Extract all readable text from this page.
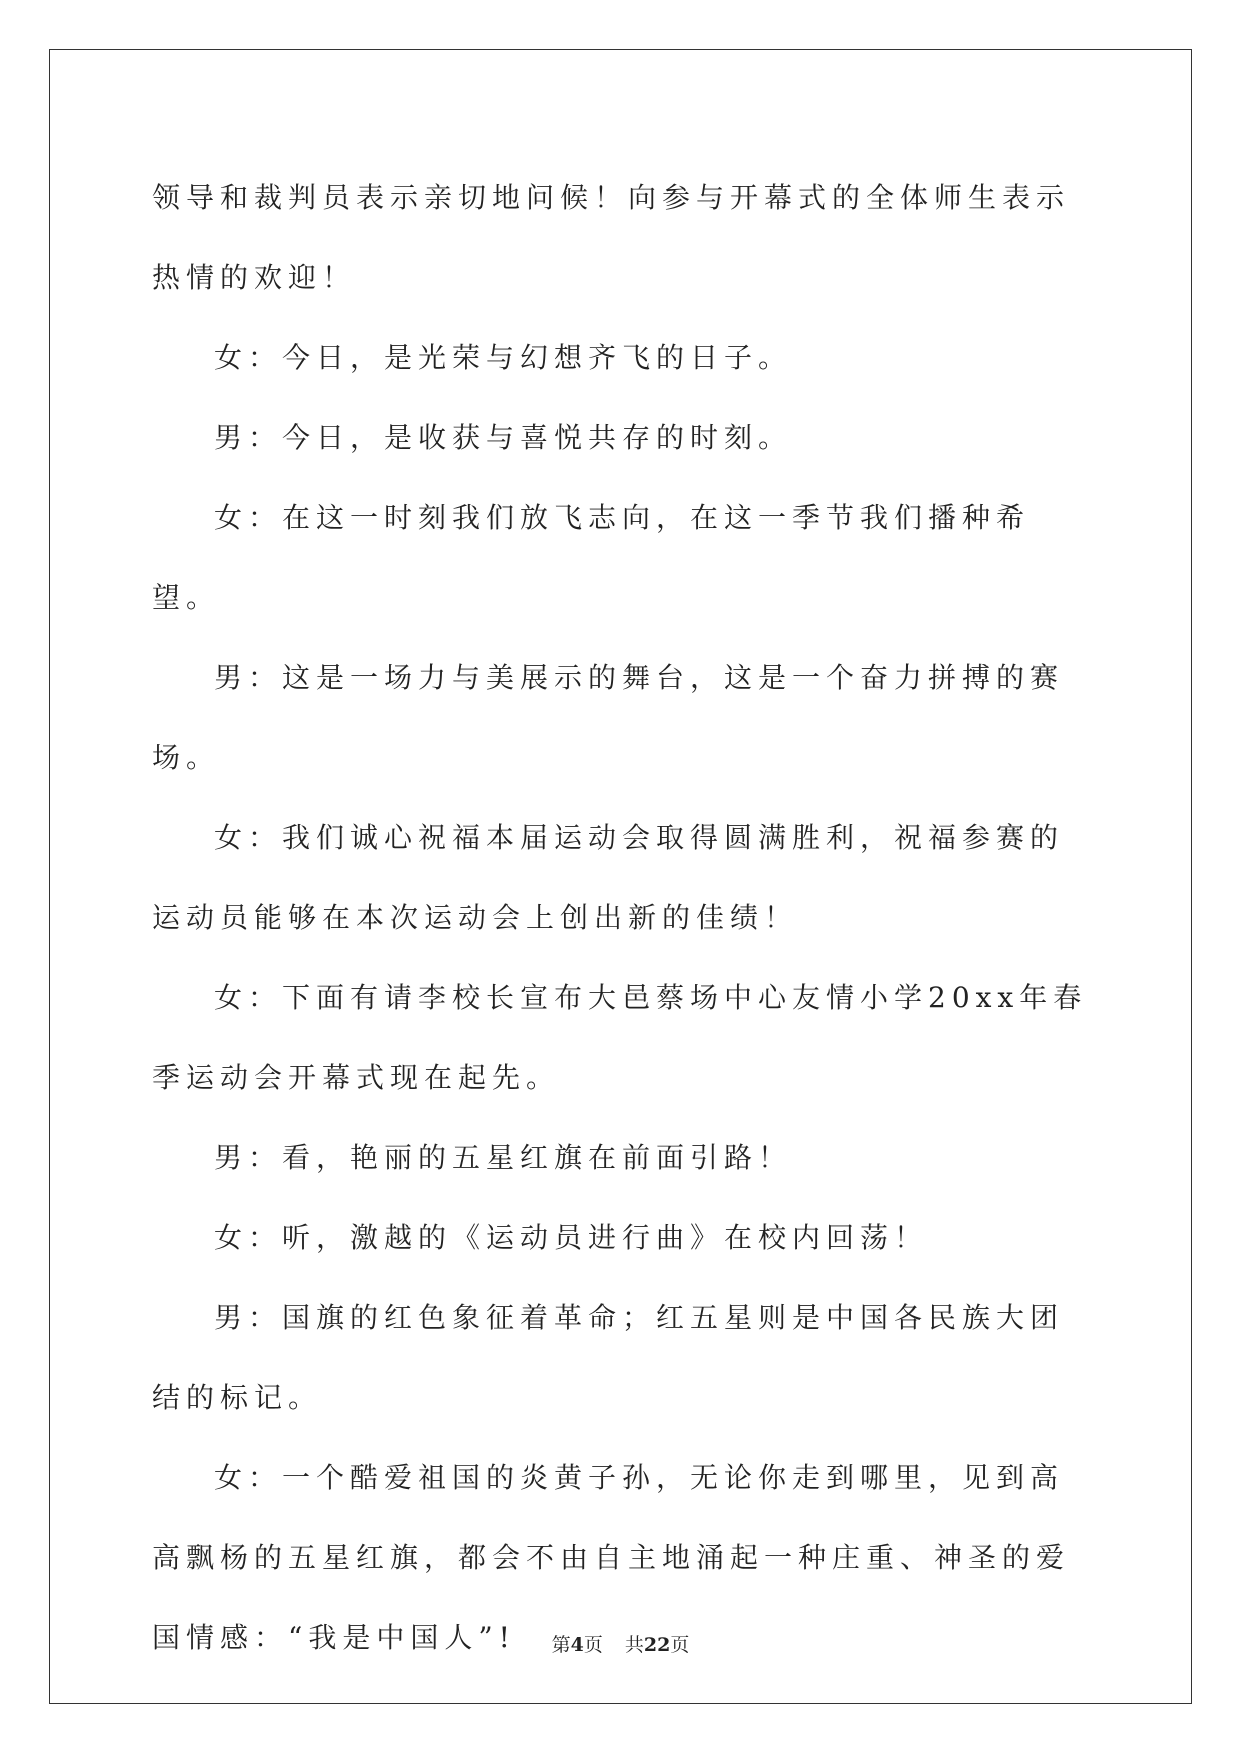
领导和裁判员表示亲切地问候！向参与开幕式的全体师生表示热情的欢迎！

女：今日，是光荣与幻想齐飞的日子。

男：今日，是收获与喜悦共存的时刻。

女：在这一时刻我们放飞志向，在这一季节我们播种希望。

男：这是一场力与美展示的舞台，这是一个奋力拼搏的赛场。

女：我们诚心祝福本届运动会取得圆满胜利，祝福参赛的运动员能够在本次运动会上创出新的佳绩！

女：下面有请李校长宣布大邑蔡场中心友情小学20xx年春季运动会开幕式现在起先。

男：看，艳丽的五星红旗在前面引路！

女：听，激越的《运动员进行曲》在校内回荡！

男：国旗的红色象征着革命；红五星则是中国各民族大团结的标记。

女：一个酷爱祖国的炎黄子孙，无论你走到哪里，见到高高飘杨的五星红旗，都会不由自主地涌起一种庄重、神圣的爱国情感：“我是中国人”!	第4页 共22页
